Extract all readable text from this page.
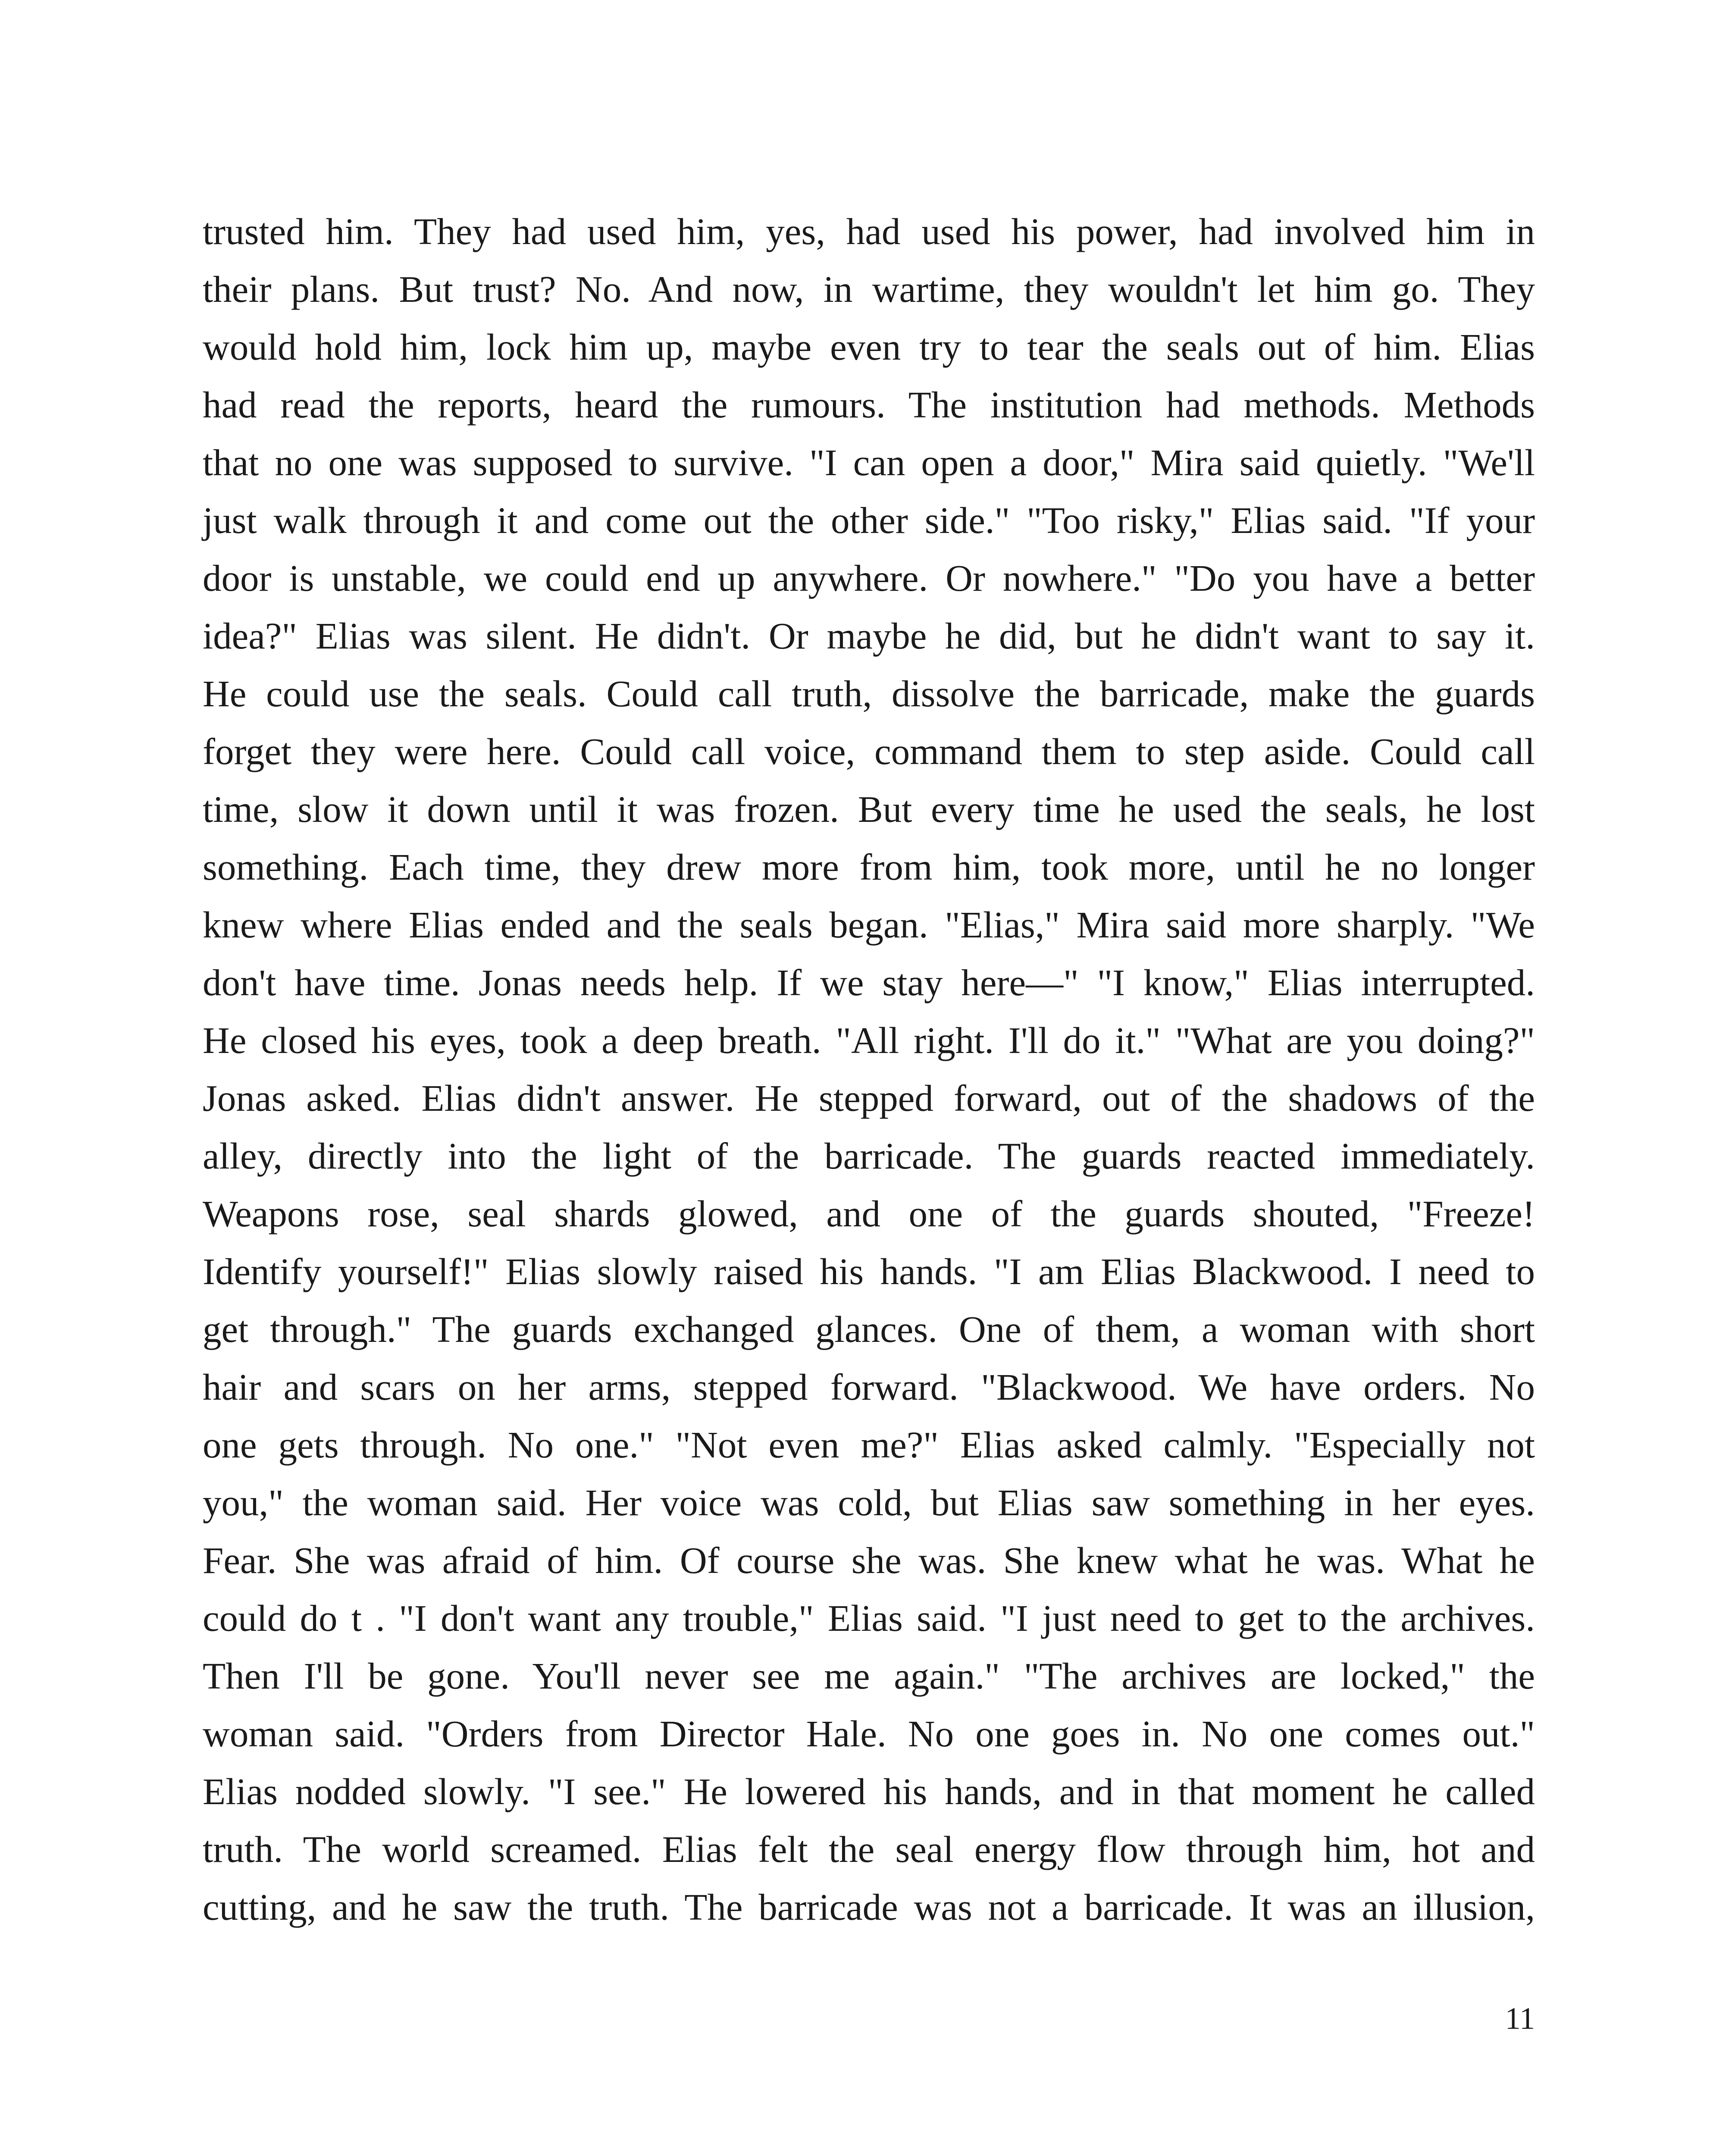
trusted him. They had used him, yes, had used his power, had involved him in
their plans. But trust? No. And now, in wartime, they wouldn't let him go. They
would hold him, lock him up, maybe even try to tear the seals out of him. Elias
had read the reports, heard the rumours. The institution had methods. Methods
that no one was supposed to survive. "I can open a door," Mira said quietly. "We'll
just walk through it and come out the other side." "Too risky," Elias said. "If your
door is unstable, we could end up anywhere. Or nowhere." "Do you have a better
idea?" Elias was silent. He didn't. Or maybe he did, but he didn't want to say it.
He could use the seals. Could call truth, dissolve the barricade, make the guards
forget they were here. Could call voice, command them to step aside. Could call
time, slow it down until it was frozen. But every time he used the seals, he lost
something. Each time, they drew more from him, took more, until he no longer
knew where Elias ended and the seals began. "Elias," Mira said more sharply. "We
don't have time. Jonas needs help. If we stay here—" "I know," Elias interrupted.
He closed his eyes, took a deep breath. "All right. I'll do it." "What are you doing?"
Jonas asked. Elias didn't answer. He stepped forward, out of the shadows of the
alley, directly into the light of the barricade. The guards reacted immediately.
Weapons rose, seal shards glowed, and one of the guards shouted, "Freeze!
Identify yourself!" Elias slowly raised his hands. "I am Elias Blackwood. I need to
get through." The guards exchanged glances. One of them, a woman with short
hair and scars on her arms, stepped forward. "Blackwood. We have orders. No
one gets through. No one." "Not even me?" Elias asked calmly. "Especially not
you," the woman said. Her voice was cold, but Elias saw something in her eyes.
Fear. She was afraid of him. Of course she was. She knew what he was. What he
could do t . "I don't want any trouble," Elias said. "I just need to get to the archives.
Then I'll be gone. You'll never see me again." "The archives are locked," the
woman said. "Orders from Director Hale. No one goes in. No one comes out."
Elias nodded slowly. "I see." He lowered his hands, and in that moment he called
truth. The world screamed. Elias felt the seal energy flow through him, hot and
cutting, and he saw the truth. The barricade was not a barricade. It was an illusion,
11
